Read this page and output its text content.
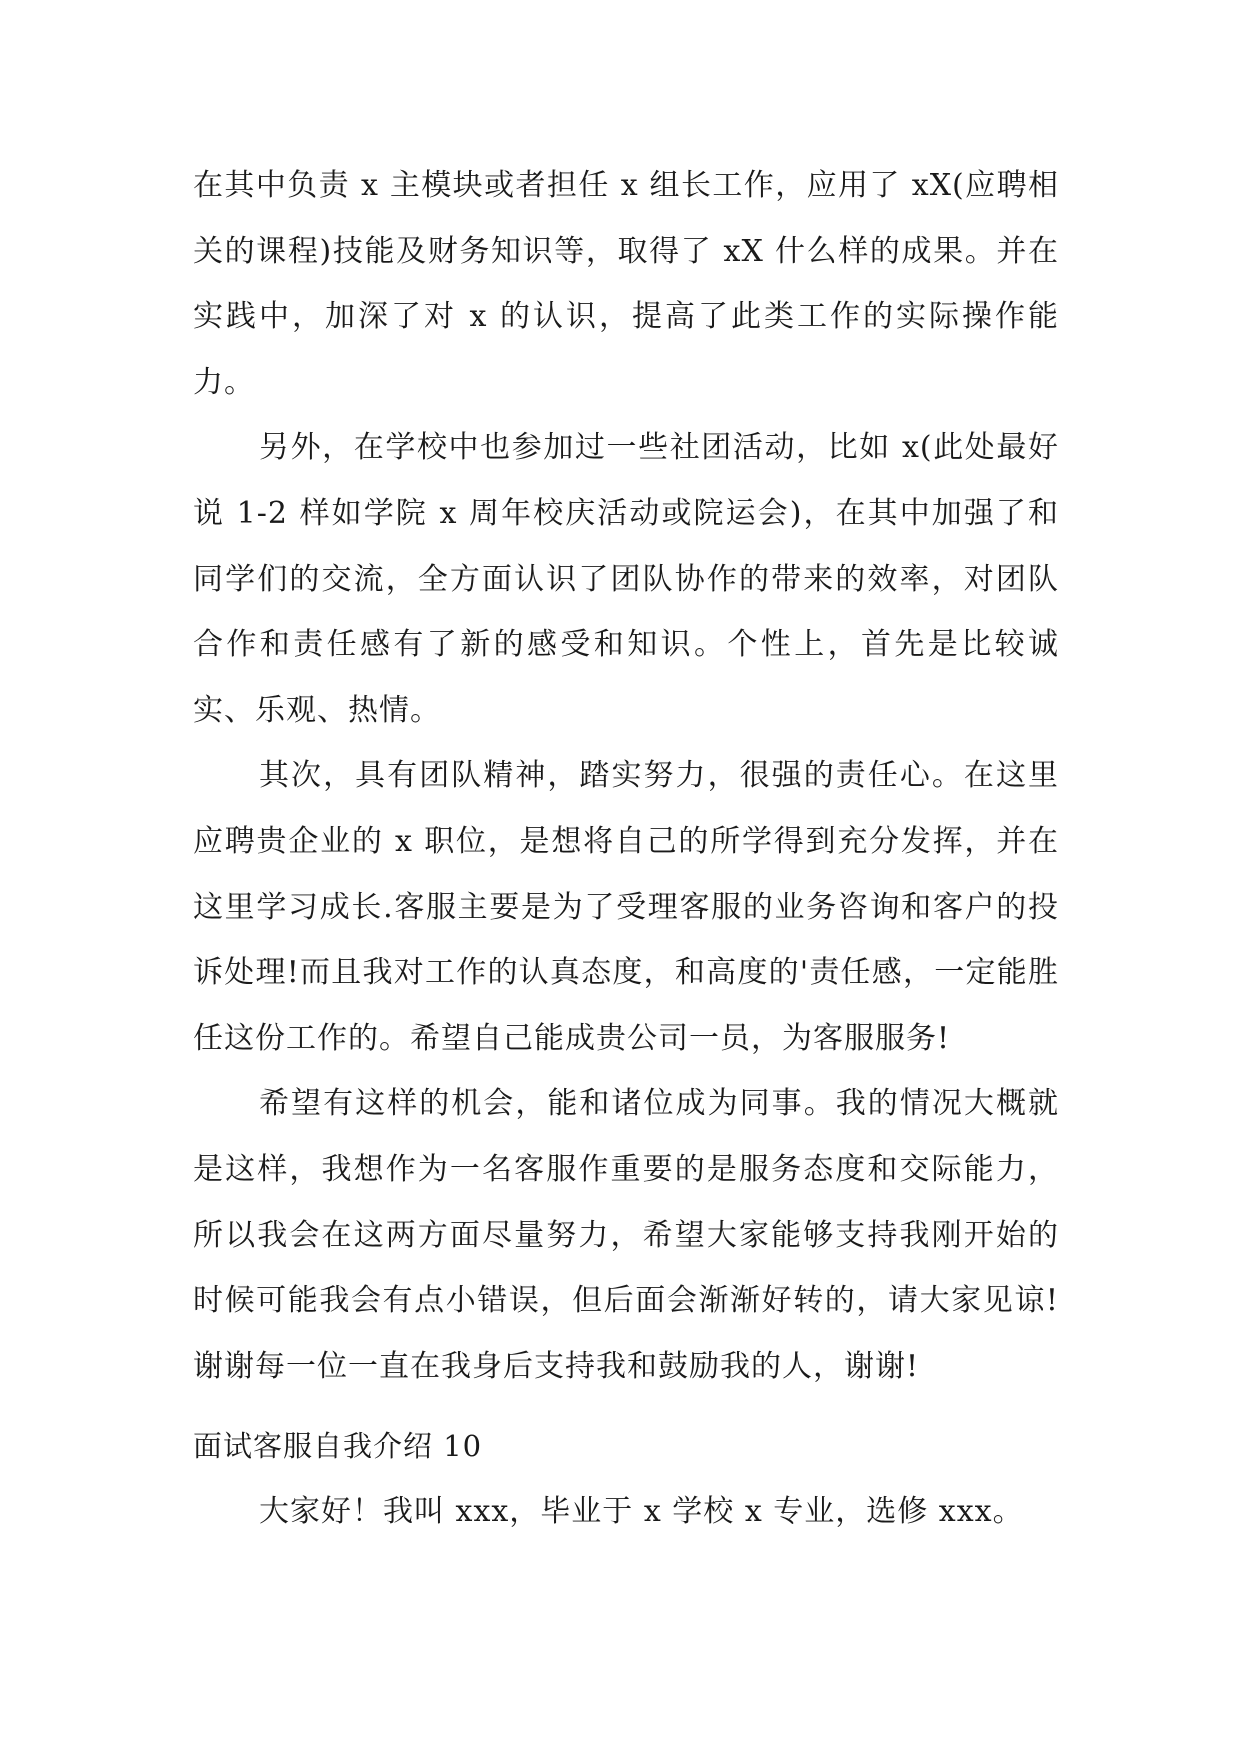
在其中负责 x 主模块或者担任 x 组长工作，应用了 xX(应聘相关的课程)技能及财务知识等，取得了 xX 什么样的成果。并在实践中，加深了对 x 的认识，提高了此类工作的实际操作能力。

另外，在学校中也参加过一些社团活动，比如 x(此处最好说 1-2 样如学院 x 周年校庆活动或院运会)，在其中加强了和同学们的交流，全方面认识了团队协作的带来的效率，对团队合作和责任感有了新的感受和知识。个性上，首先是比较诚实、乐观、热情。

其次，具有团队精神，踏实努力，很强的责任心。在这里应聘贵企业的 x 职位，是想将自己的所学得到充分发挥，并在这里学习成长.客服主要是为了受理客服的业务咨询和客户的投诉处理!而且我对工作的认真态度，和高度的'责任感，一定能胜任这份工作的。希望自己能成贵公司一员，为客服服务!

希望有这样的机会，能和诸位成为同事。我的情况大概就是这样，我想作为一名客服作重要的是服务态度和交际能力，所以我会在这两方面尽量努力，希望大家能够支持我刚开始的时候可能我会有点小错误，但后面会渐渐好转的，请大家见谅!谢谢每一位一直在我身后支持我和鼓励我的人，谢谢!

面试客服自我介绍 10

大家好！我叫 xxx，毕业于 x 学校 x 专业，选修 xxx。
